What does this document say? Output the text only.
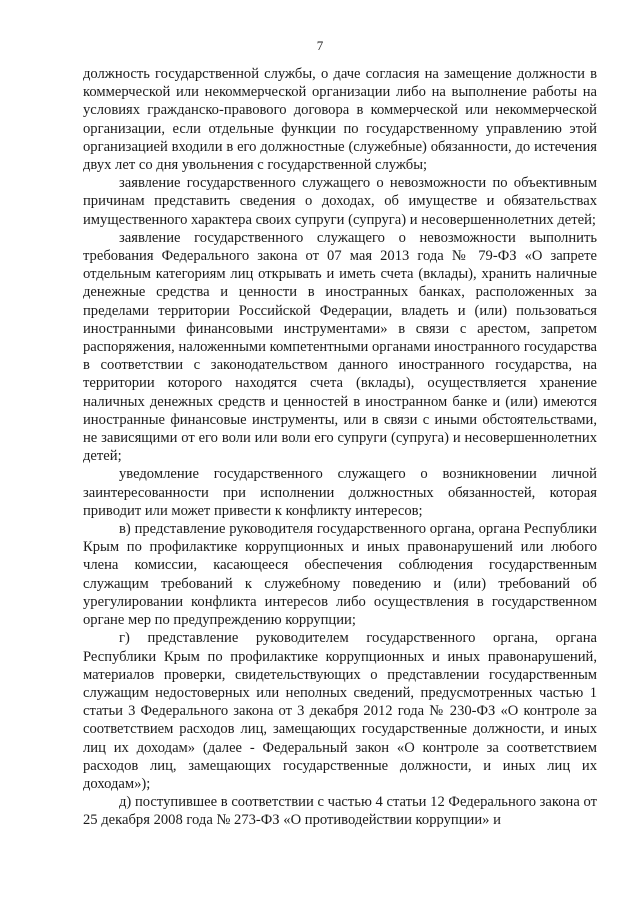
7

должность государственной службы, о даче согласия на замещение должности в коммерческой или некоммерческой организации либо на выполнение работы на условиях гражданско-правового договора в коммерческой или некоммерческой организации, если отдельные функции по государственному управлению этой организацией входили в его должностные (служебные) обязанности, до истечения двух лет со дня увольнения с государственной службы;

заявление государственного служащего о невозможности по объективным причинам представить сведения о доходах, об имуществе и обязательствах имущественного характера своих супруги (супруга) и несовершеннолетних детей;

заявление государственного служащего о невозможности выполнить требования Федерального закона от 07 мая 2013 года № 79-ФЗ «О запрете отдельным категориям лиц открывать и иметь счета (вклады), хранить наличные денежные средства и ценности в иностранных банках, расположенных за пределами территории Российской Федерации, владеть и (или) пользоваться иностранными финансовыми инструментами» в связи с арестом, запретом распоряжения, наложенными компетентными органами иностранного государства в соответствии с законодательством данного иностранного государства, на территории которого находятся счета (вклады), осуществляется хранение наличных денежных средств и ценностей в иностранном банке и (или) имеются иностранные финансовые инструменты, или в связи с иными обстоятельствами, не зависящими от его воли или воли его супруги (супруга) и несовершеннолетних детей;

уведомление государственного служащего о возникновении личной заинтересованности при исполнении должностных обязанностей, которая приводит или может привести к конфликту интересов;

в) представление руководителя государственного органа, органа Республики Крым по профилактике коррупционных и иных правонарушений или любого члена комиссии, касающееся обеспечения соблюдения государственным служащим требований к служебному поведению и (или) требований об урегулировании конфликта интересов либо осуществления в государственном органе мер по предупреждению коррупции;

г) представление руководителем государственного органа, органа Республики Крым по профилактике коррупционных и иных правонарушений, материалов проверки, свидетельствующих о представлении государственным служащим недостоверных или неполных сведений, предусмотренных частью 1 статьи 3 Федерального закона от 3 декабря 2012 года № 230-ФЗ «О контроле за соответствием расходов лиц, замещающих государственные должности, и иных лиц их доходам» (далее - Федеральный закон «О контроле за соответствием расходов лиц, замещающих государственные должности, и иных лиц их доходам»);

д) поступившее в соответствии с частью 4 статьи 12 Федерального закона от 25 декабря 2008 года № 273-ФЗ «О противодействии коррупции» и
